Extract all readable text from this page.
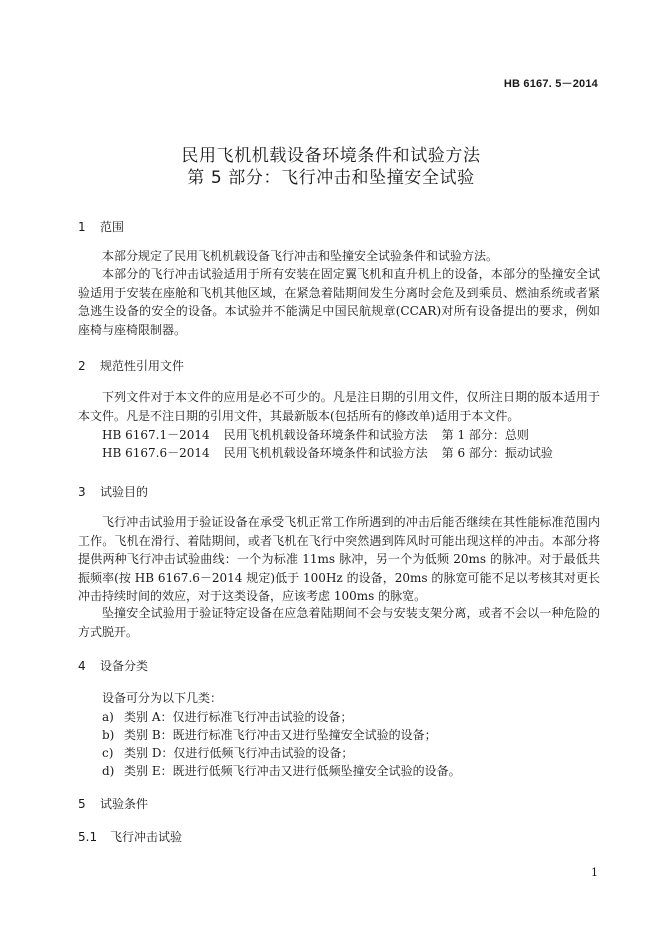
HB 6167. 5－2014
民用飞机机载设备环境条件和试验方法
第 5 部分：飞行冲击和坠撞安全试验
1 范围
本部分规定了民用飞机机载设备飞行冲击和坠撞安全试验条件和试验方法。
本部分的飞行冲击试验适用于所有安装在固定翼飞机和直升机上的设备，本部分的坠撞安全试验适用于安装在座舱和飞机其他区域，在紧急着陆期间发生分离时会危及到乘员、燃油系统或者紧急逃生设备的安全的设备。本试验并不能满足中国民航规章(CCAR)对所有设备提出的要求，例如座椅与座椅限制器。
2 规范性引用文件
下列文件对于本文件的应用是必不可少的。凡是注日期的引用文件，仅所注日期的版本适用于本文件。凡是不注日期的引用文件，其最新版本(包括所有的修改单)适用于本文件。
HB 6167.1－2014 民用飞机机载设备环境条件和试验方法 第 1 部分：总则
HB 6167.6－2014 民用飞机机载设备环境条件和试验方法 第 6 部分：振动试验
3 试验目的
飞行冲击试验用于验证设备在承受飞机正常工作所遇到的冲击后能否继续在其性能标准范围内工作。飞机在滑行、着陆期间，或者飞机在飞行中突然遇到阵风时可能出现这样的冲击。本部分将提供两种飞行冲击试验曲线：一个为标准 11ms 脉冲，另一个为低频 20ms 的脉冲。对于最低共振频率(按 HB 6167.6－2014 规定)低于 100Hz 的设备，20ms 的脉宽可能不足以考核其对更长冲击持续时间的效应，对于这类设备，应该考虑 100ms 的脉宽。
坠撞安全试验用于验证特定设备在应急着陆期间不会与安装支架分离，或者不会以一种危险的方式脱开。
4 设备分类
设备可分为以下几类：
a) 类别 A：仅进行标准飞行冲击试验的设备；
b) 类别 B：既进行标准飞行冲击又进行坠撞安全试验的设备；
c) 类别 D：仅进行低频飞行冲击试验的设备；
d) 类别 E：既进行低频飞行冲击又进行低频坠撞安全试验的设备。
5 试验条件
5.1 飞行冲击试验
1
